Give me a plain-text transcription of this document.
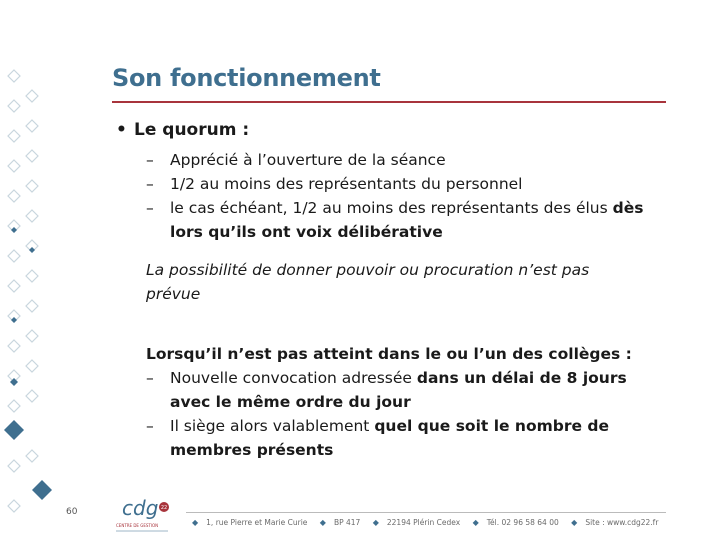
Son fonctionnement
• Le quorum :
– Apprécié à l’ouverture de la séance
– 1/2 au moins des représentants du personnel
– le cas échéant, 1/2 au moins des représentants des élus dès lors qu’ils ont voix délibérative
La possibilité de donner pouvoir ou procuration n’est pas prévue
Lorsqu’il n’est pas atteint dans le ou l’un des collèges :
– Nouvelle convocation adressée dans un délai de 8 jours avec le même ordre du jour
– Il siège alors valablement quel que soit le nombre de membres présents
60 cdg 22
CENTRE DE GESTION	◆ 1, rue Pierre et Marie Curie ◆ BP 417 ◆ 22194 Plérin Cedex ◆ Tél. 02 96 58 64 00 ◆ Site : www.cdg22.fr
